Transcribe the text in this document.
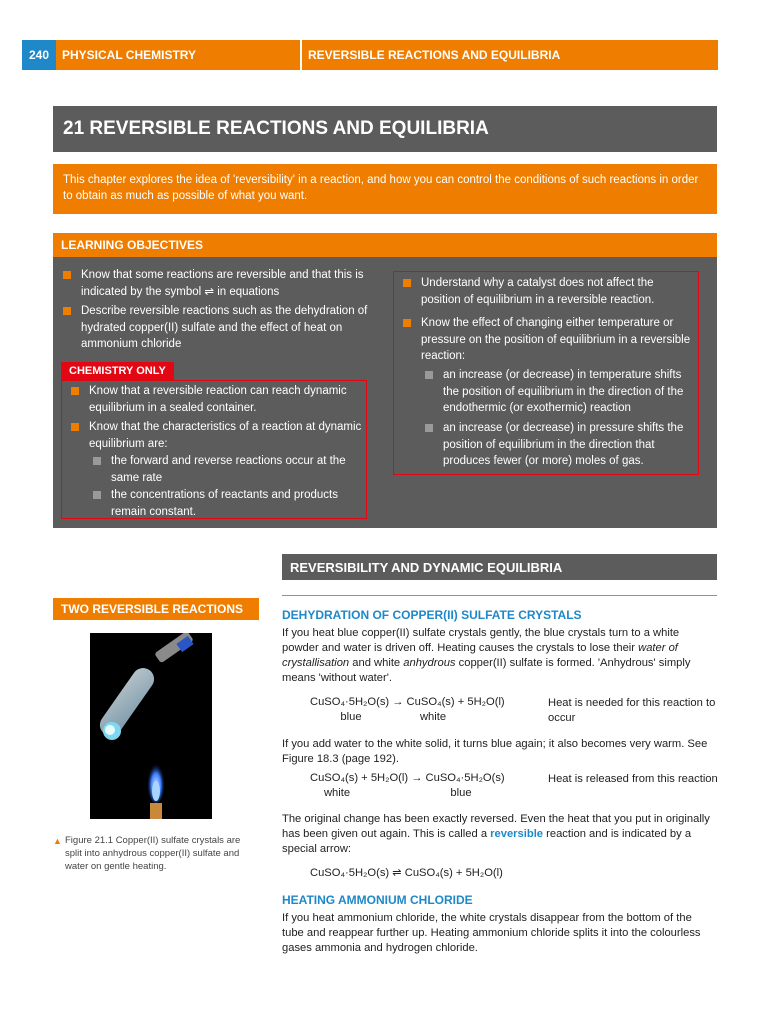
240	PHYSICAL CHEMISTRY	REVERSIBLE REACTIONS AND EQUILIBRIA
21 REVERSIBLE REACTIONS AND EQUILIBRIA
This chapter explores the idea of 'reversibility' in a reaction, and how you can control the conditions of such reactions in order to obtain as much as possible of what you want.
LEARNING OBJECTIVES
Know that some reactions are reversible and that this is indicated by the symbol ⇌ in equations
Describe reversible reactions such as the dehydration of hydrated copper(II) sulfate and the effect of heat on ammonium chloride
CHEMISTRY ONLY
Know that a reversible reaction can reach dynamic equilibrium in a sealed container.
Know that the characteristics of a reaction at dynamic equilibrium are:
the forward and reverse reactions occur at the same rate
the concentrations of reactants and products remain constant.
Understand why a catalyst does not affect the position of equilibrium in a reversible reaction.
Know the effect of changing either temperature or pressure on the position of equilibrium in a reversible reaction:
an increase (or decrease) in temperature shifts the position of equilibrium in the direction of the endothermic (or exothermic) reaction
an increase (or decrease) in pressure shifts the position of equilibrium in the direction that produces fewer (or more) moles of gas.
REVERSIBILITY AND DYNAMIC EQUILIBRIA
TWO REVERSIBLE REACTIONS
▲ Figure 21.1 Copper(II) sulfate crystals are split into anhydrous copper(II) sulfate and water on gentle heating.
DEHYDRATION OF COPPER(II) SULFATE CRYSTALS
If you heat blue copper(II) sulfate crystals gently, the blue crystals turn to a white powder and water is driven off. Heating causes the crystals to lose their water of crystallisation and white anhydrous copper(II) sulfate is formed. 'Anhydrous' simply means 'without water'.
CuSO₄·5H₂O(s) → CuSO₄(s) + 5H₂O(l)
blue	white
Heat is needed for this reaction to occur
If you add water to the white solid, it turns blue again; it also becomes very warm. See Figure 18.3 (page 192).
CuSO₄(s) + 5H₂O(l) → CuSO₄·5H₂O(s)
white	blue
Heat is released from this reaction
The original change has been exactly reversed. Even the heat that you put in originally has been given out again. This is called a reversible reaction and is indicated by a special arrow:
CuSO₄·5H₂O(s) ⇌ CuSO₄(s) + 5H₂O(l)
HEATING AMMONIUM CHLORIDE
If you heat ammonium chloride, the white crystals disappear from the bottom of the tube and reappear further up. Heating ammonium chloride splits it into the colourless gases ammonia and hydrogen chloride.
